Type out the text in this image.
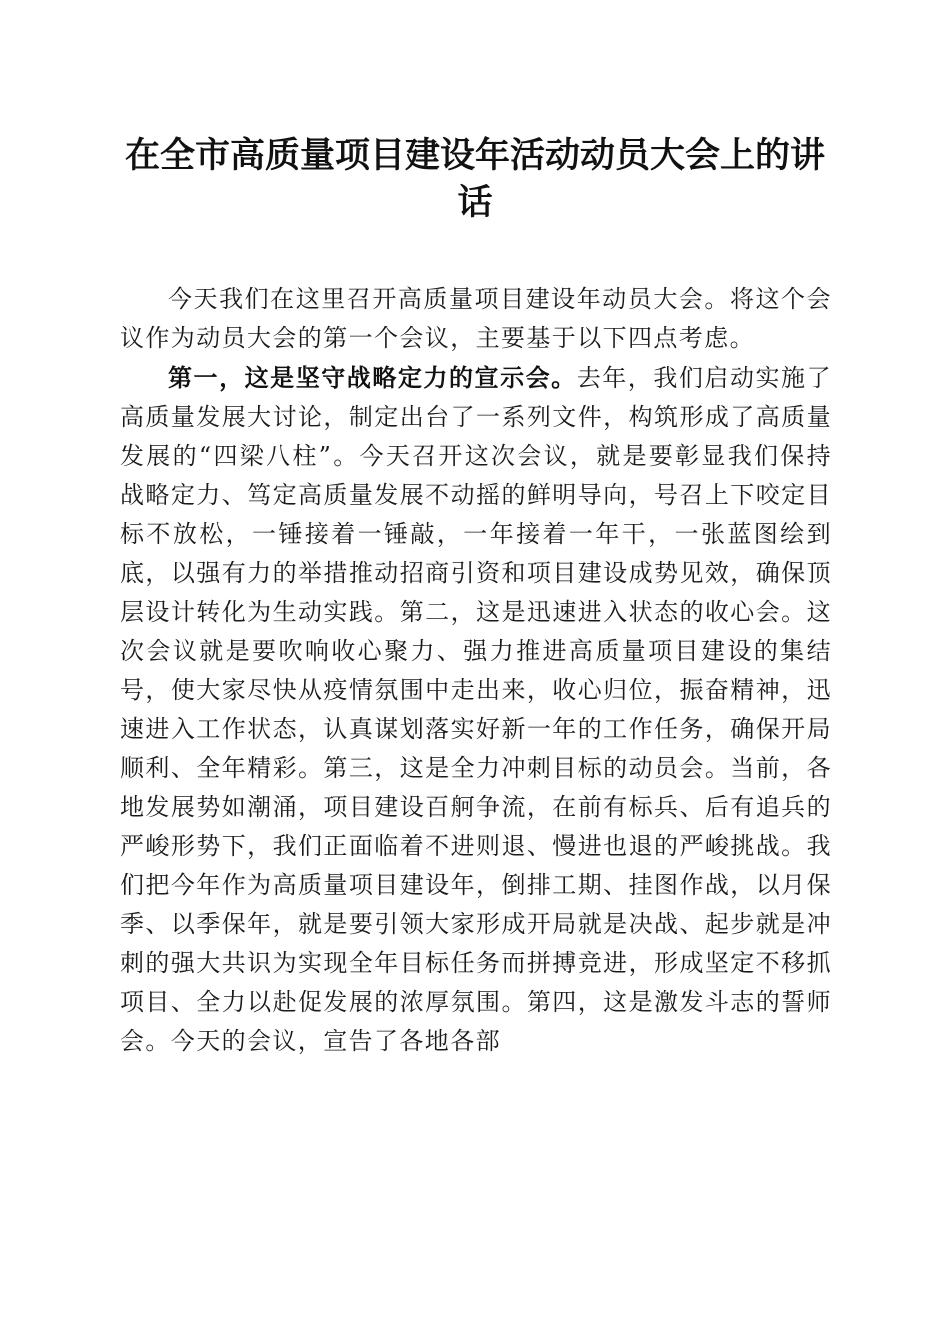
在全市高质量项目建设年活动动员大会上的讲话

今天我们在这里召开高质量项目建设年动员大会。将这个会议作为动员大会的第一个会议，主要基于以下四点考虑。

第一，这是坚守战略定力的宣示会。去年，我们启动实施了高质量发展大讨论，制定出台了一系列文件，构筑形成了高质量发展的“四梁八柱”。今天召开这次会议，就是要彰显我们保持战略定力、笃定高质量发展不动摇的鲜明导向，号召上下咬定目标不放松，一锤接着一锤敲，一年接着一年干，一张蓝图绘到底，以强有力的举措推动招商引资和项目建设成势见效，确保顶层设计转化为生动实践。第二，这是迅速进入状态的收心会。这次会议就是要吹响收心聚力、强力推进高质量项目建设的集结号，使大家尽快从疫情氛围中走出来，收心归位，振奋精神，迅速进入工作状态，认真谋划落实好新一年的工作任务，确保开局顺利、全年精彩。第三，这是全力冲刺目标的动员会。当前，各地发展势如潮涌，项目建设百舸争流，在前有标兵、后有追兵的严峻形势下，我们正面临着不进则退、慢进也退的严峻挑战。我们把今年作为高质量项目建设年，倒排工期、挂图作战，以月保季、以季保年，就是要引领大家形成开局就是决战、起步就是冲刺的强大共识为实现全年目标任务而拼搏竞进，形成坚定不移抓项目、全力以赴促发展的浓厚氛围。第四，这是激发斗志的誓师会。今天的会议，宣告了各地各部
